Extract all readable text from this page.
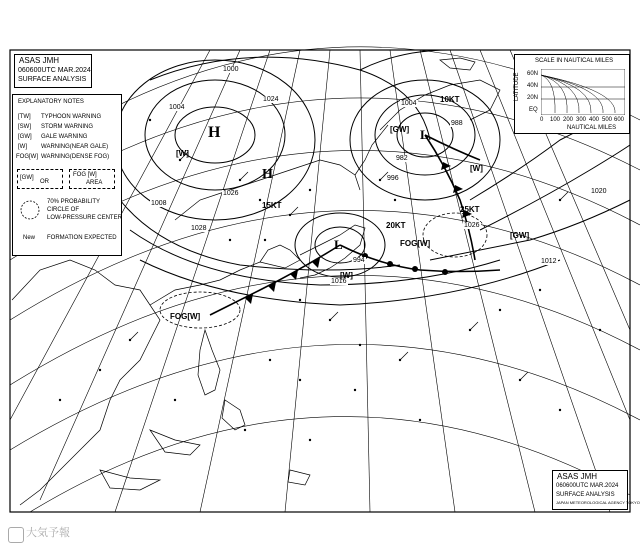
ASAS JMH
060600UTC MAR.2024
SURFACE ANALYSIS
EXPLANATORY NOTES
[TW] TYPHOON WARNING
[SW] STORM WARNING
[GW] GALE WARNING
[W] WARNING(NEAR GALE)
FOG[W] WARNING(DENSE FOG)
[GW]
OR
FOG [W]
AREA
70% PROBABILITY
CIRCLE OF
LOW-PRESSURE CENTER
New FORMATION EXPECTED
SCALE IN NAUTICAL MILES
LATITUDE 60N
40N
20N
EQ
0 100 200 300 400 500 600
NAUTICAL MILES
H
1026
H
1026
L
994
L
982
1004
1000
1008
1016
1024
1004
996
988
1020
1012
1028
[GW]
[W]
[W]
FOG[W]
FOG[W]
[W]
[GW]
15KT	25KT
20KT
10KT
ASAS JMH
060600UTC MAR.2024
SURFACE ANALYSIS
JAPAN METEOROLOGICAL AGENCY TOKYO
大気予報
